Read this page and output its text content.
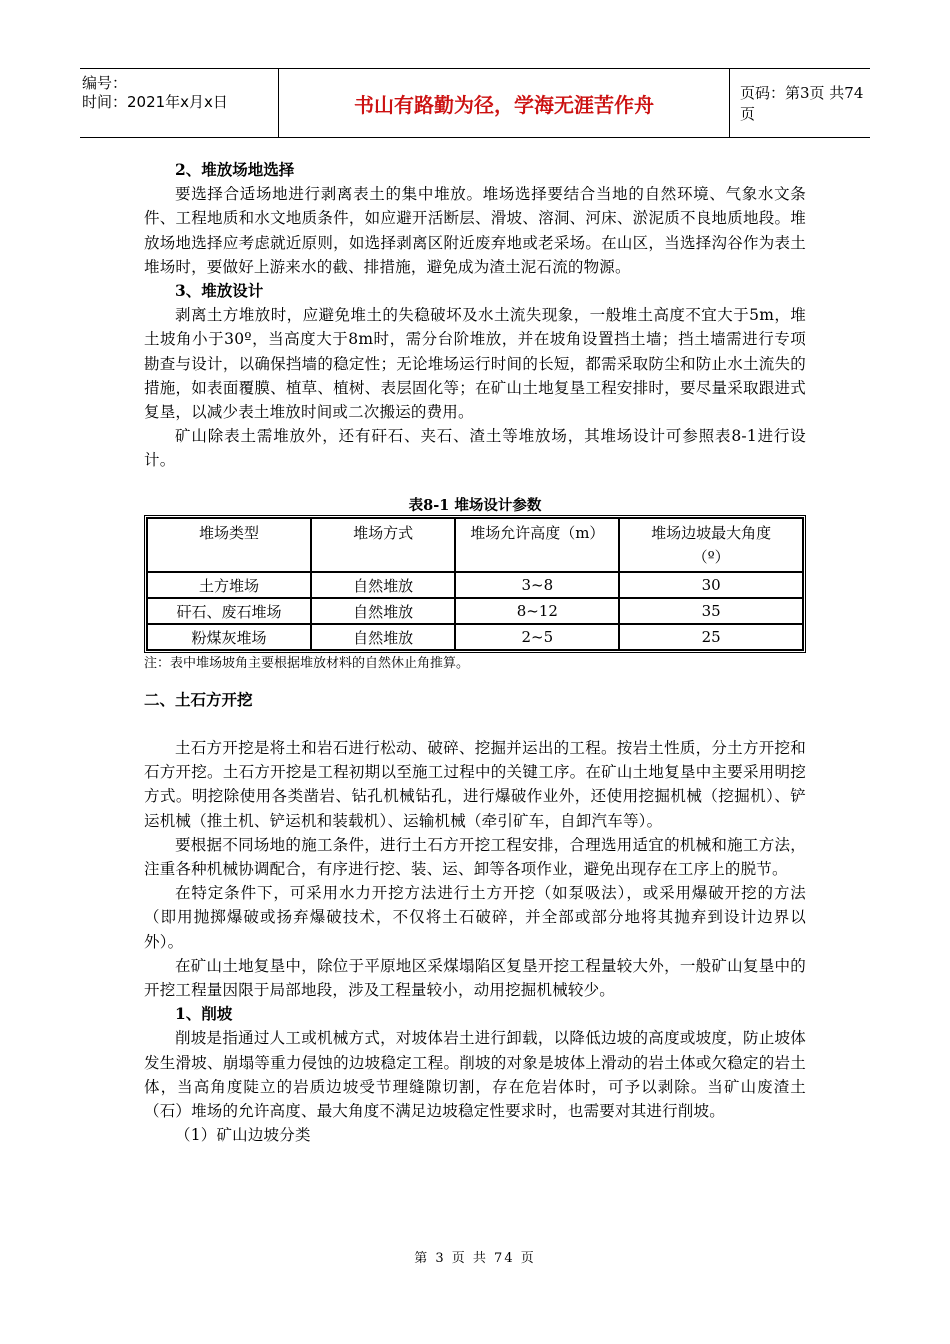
编号：
时间：2021年x月x日	书山有路勤为径，学海无涯苦作舟	页码：第3页 共74页
2、堆放场地选择

要选择合适场地进行剥离表土的集中堆放。堆场选择要结合当地的自然环境、气象水文条件、工程地质和水文地质条件，如应避开活断层、滑坡、溶洞、河床、淤泥质不良地质地段。堆放场地选择应考虑就近原则，如选择剥离区附近废弃地或老采场。在山区，当选择沟谷作为表土堆场时，要做好上游来水的截、排措施，避免成为渣土泥石流的物源。

3、堆放设计

剥离土方堆放时，应避免堆土的失稳破坏及水土流失现象，一般堆土高度不宜大于5m，堆土坡角小于30º，当高度大于8m时，需分台阶堆放，并在坡角设置挡土墙；挡土墙需进行专项勘查与设计，以确保挡墙的稳定性；无论堆场运行时间的长短，都需采取防尘和防止水土流失的措施，如表面覆膜、植草、植树、表层固化等；在矿山土地复垦工程安排时，要尽量采取跟进式复垦，以减少表土堆放时间或二次搬运的费用。

矿山除表土需堆放外，还有矸石、夹石、渣土等堆放场，其堆场设计可参照表8-1进行设计。

表8-1 堆场设计参数
堆场类型	堆场方式	堆场允许高度（m）	堆场边坡最大角度
（º）
土方堆场	自然堆放	3~8	30
矸石、废石堆场	自然堆放	8~12	35
粉煤灰堆场	自然堆放	2~5	25
注：表中堆场坡角主要根据堆放材料的自然休止角推算。
二、土石方开挖

土石方开挖是将土和岩石进行松动、破碎、挖掘并运出的工程。按岩土性质，分土方开挖和石方开挖。土石方开挖是工程初期以至施工过程中的关键工序。在矿山土地复垦中主要采用明挖方式。明挖除使用各类凿岩、钻孔机械钻孔，进行爆破作业外，还使用挖掘机械（挖掘机）、铲运机械（推土机、铲运机和装载机）、运输机械（牵引矿车，自卸汽车等）。

要根据不同场地的施工条件，进行土石方开挖工程安排，合理选用适宜的机械和施工方法，注重各种机械协调配合，有序进行挖、装、运、卸等各项作业，避免出现存在工序上的脱节。

在特定条件下，可采用水力开挖方法进行土方开挖（如泵吸法），或采用爆破开挖的方法（即用抛掷爆破或扬弃爆破技术，不仅将土石破碎，并全部或部分地将其抛弃到设计边界以外）。

在矿山土地复垦中，除位于平原地区采煤塌陷区复垦开挖工程量较大外，一般矿山复垦中的开挖工程量因限于局部地段，涉及工程量较小，动用挖掘机械较少。

1、削坡

削坡是指通过人工或机械方式，对坡体岩土进行卸载，以降低边坡的高度或坡度，防止坡体发生滑坡、崩塌等重力侵蚀的边坡稳定工程。削坡的对象是坡体上滑动的岩土体或欠稳定的岩土体，当高角度陡立的岩质边坡受节理缝隙切割，存在危岩体时，可予以剥除。当矿山废渣土（石）堆场的允许高度、最大角度不满足边坡稳定性要求时，也需要对其进行削坡。

（1）矿山边坡分类

第 3 页 共 74 页
